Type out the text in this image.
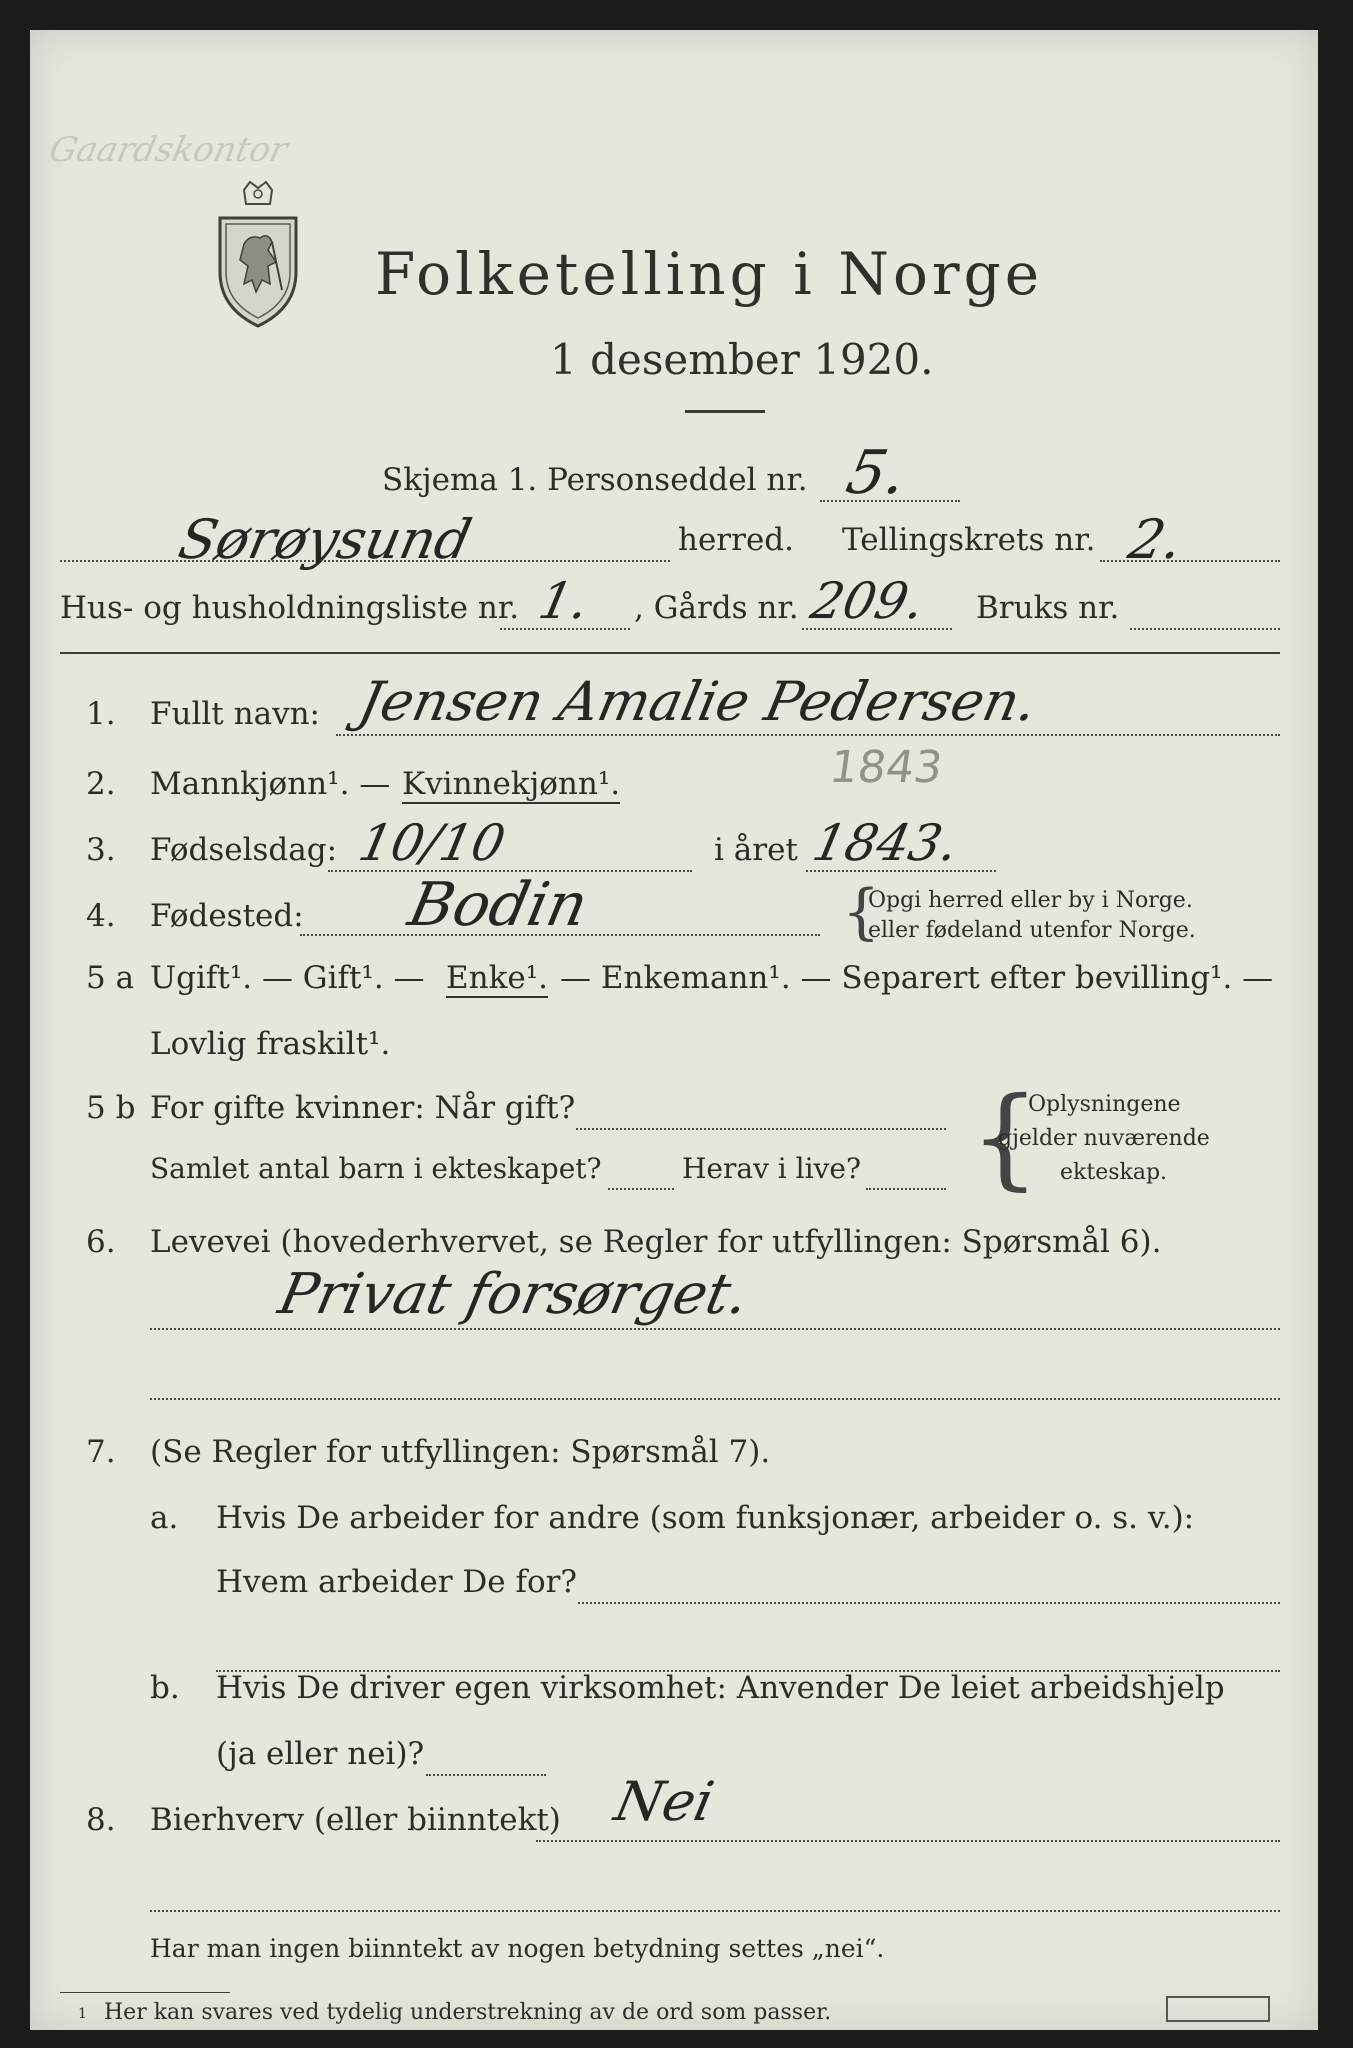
Gaardskontor
Folketelling i Norge
1 desember 1920.
Skjema 1. Personseddel nr. 5.
Sørøysund	herred. Tellingskrets nr. 2.
Hus- og husholdningsliste nr. 1. , Gårds nr. 209. Bruks nr.
1. Fullt navn: Jensen Amalie Pedersen.
2. Mannkjønn¹. — Kvinnekjønn¹.	1843
3. Fødselsdag: 10/10	i året 1843.
4. Fødested: Bodin	{
Opgi herred eller by i Norge.
eller fødeland utenfor Norge.
5 a Ugift¹. — Gift¹. — Enke¹. — Enkemann¹. — Separert efter bevilling¹. —
Lovlig fraskilt¹.
5 b For gifte kvinner: Når gift?
Samlet antal barn i ekteskapet?	Herav i live? {
Oplysningene
gjelder nuværende
ekteskap.
6. Levevei (hovederhvervet, se Regler for utfyllingen: Spørsmål 6).
Privat forsørget.
7. (Se Regler for utfyllingen: Spørsmål 7).
a. Hvis De arbeider for andre (som funksjonær, arbeider o. s. v.):
Hvem arbeider De for?
b. Hvis De driver egen virksomhet: Anvender De leiet arbeidshjelp
(ja eller nei)?
8. Bierhverv (eller biinntekt) Nei
Har man ingen biinntekt av nogen betydning settes „nei“.
1 Her kan svares ved tydelig understrekning av de ord som passer.
